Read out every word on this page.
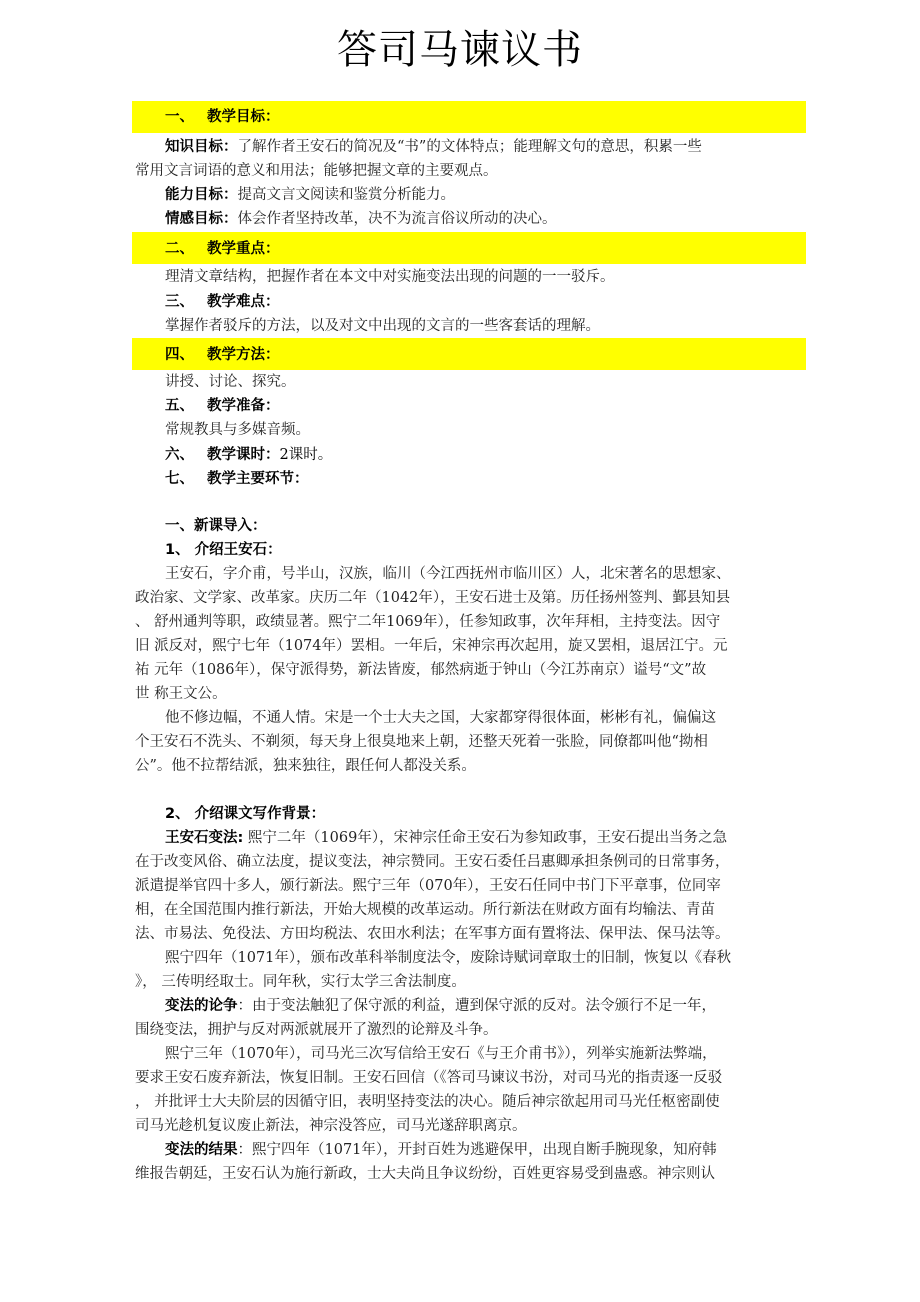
答司马谏议书
一、 教学目标：
知识目标：了解作者王安石的简况及“书”的文体特点；能理解文句的意思，积累一些
常用文言词语的意义和用法；能够把握文章的主要观点。
能力目标：提高文言文阅读和鉴赏分析能力。
情感目标：体会作者坚持改革，决不为流言俗议所动的决心。
二、 教学重点：
理清文章结构，把握作者在本文中对实施变法出现的问题的一一驳斥。
三、 教学难点：
掌握作者驳斥的方法，以及对文中出现的文言的一些客套话的理解。
四、 教学方法：
讲授、讨论、探究。
五、 教学准备：
常规教具与多媒音频。
六、 教学课时：2课时。
七、 教学主要环节：
一、新课导入：
1、 介绍王安石：
王安石，字介甫，号半山，汉族，临川（今江西抚州市临川区）人，北宋著名的思想家、
政治家、文学家、改革家。庆历二年（1042年），王安石进士及第。历任扬州签判、鄞县知县
、 舒州通判等职，政绩显著。熙宁二年1069年），任参知政事，次年拜相，主持变法。因守
旧 派反对，熙宁七年（1074年）罢相。一年后，宋神宗再次起用，旋又罢相，退居江宁。元
祐 元年（1086年），保守派得势，新法皆废，郁然病逝于钟山（今江苏南京）谥号“文”故
世 称王文公。
他不修边幅，不通人情。宋是一个士大夫之国，大家都穿得很体面，彬彬有礼，偏偏这
个王安石不洗头、不剃须，每天身上很臭地来上朝，还整天死着一张脸，同僚都叫他“拗相
公”。他不拉帮结派，独来独往，跟任何人都没关系。
2、 介绍课文写作背景：
王安石变法: 熙宁二年（1069年），宋神宗任命王安石为参知政事，王安石提出当务之急
在于改变风俗、确立法度，提议变法，神宗赞同。王安石委任吕惠卿承担条例司的日常事务，
派遣提举官四十多人，颁行新法。熙宁三年（070年），王安石任同中书门下平章事，位同宰
相，在全国范围内推行新法，开始大规模的改革运动。所行新法在财政方面有均输法、青苗
法、市易法、免役法、方田均税法、农田水利法；在军事方面有置将法、保甲法、保马法等。
熙宁四年（1071年），颁布改革科举制度法令，废除诗赋词章取士的旧制，恢复以《春秋
》， 三传明经取士。同年秋，实行太学三舍法制度。
变法的论争：由于变法触犯了保守派的利益，遭到保守派的反对。法令颁行不足一年，
围绕变法，拥护与反对两派就展开了激烈的论辩及斗争。
熙宁三年（1070年），司马光三次写信给王安石《与王介甫书》），列举实施新法弊端，
要求王安石废弃新法，恢复旧制。王安石回信（《答司马谏议书汾，对司马光的指责逐一反驳
， 并批评士大夫阶层的因循守旧，表明坚持变法的决心。随后神宗欲起用司马光任枢密副使
司马光趁机复议废止新法，神宗没答应，司马光遂辞职离京。
变法的结果：熙宁四年（1071年），开封百姓为逃避保甲，出现自断手腕现象，知府韩
维报告朝廷，王安石认为施行新政，士大夫尚且争议纷纷，百姓更容易受到蛊惑。神宗则认
